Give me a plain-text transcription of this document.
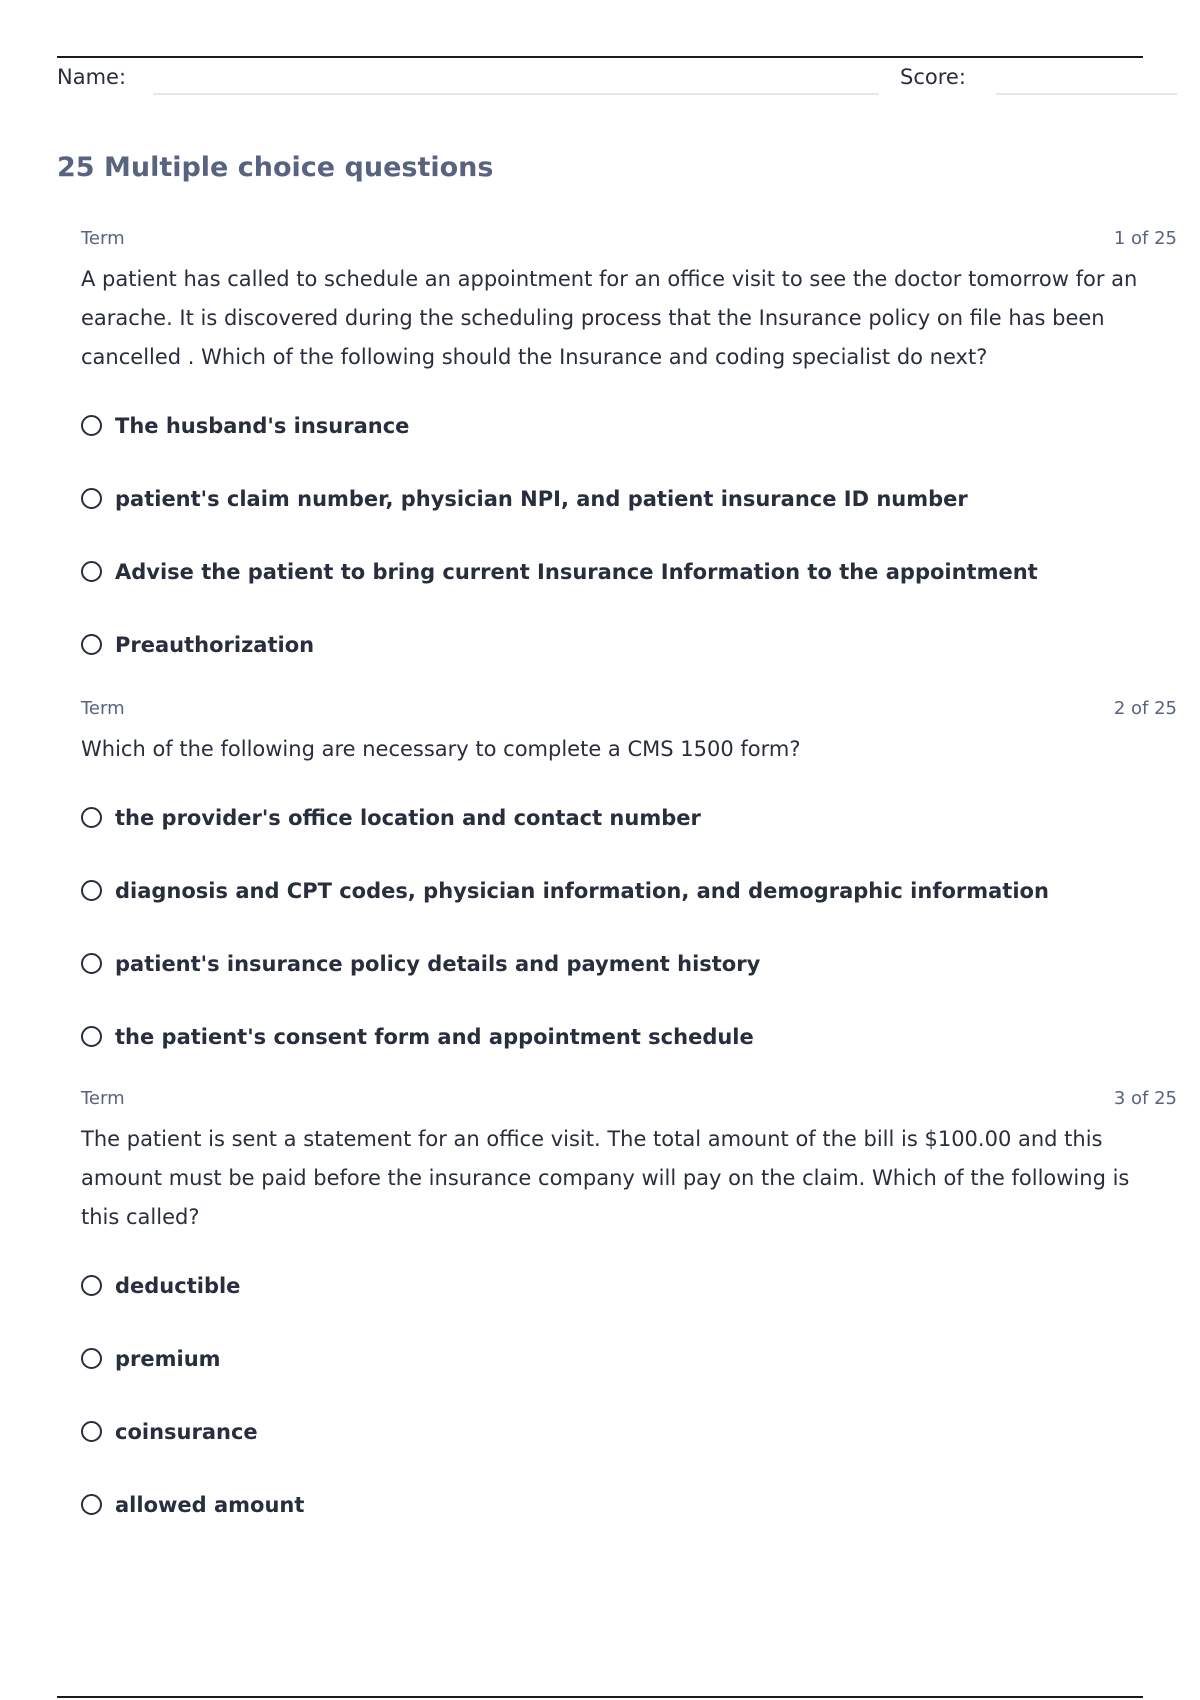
Name:	Score:
25 Multiple choice questions
Term	1 of 25

A patient has called to schedule an appointment for an office visit to see the doctor tomorrow for an earache. It is discovered during the scheduling process that the Insurance policy on file has been cancelled . Which of the following should the Insurance and coding specialist do next?

The husband's insurance
patient's claim number, physician NPI, and patient insurance ID number
Advise the patient to bring current Insurance Information to the appointment
Preauthorization
Term	2 of 25

Which of the following are necessary to complete a CMS 1500 form?

the provider's office location and contact number
diagnosis and CPT codes, physician information, and demographic information
patient's insurance policy details and payment history
the patient's consent form and appointment schedule
Term	3 of 25

The patient is sent a statement for an office visit. The total amount of the bill is $100.00 and this amount must be paid before the insurance company will pay on the claim. Which of the following is this called?

deductible
premium
coinsurance
allowed amount
